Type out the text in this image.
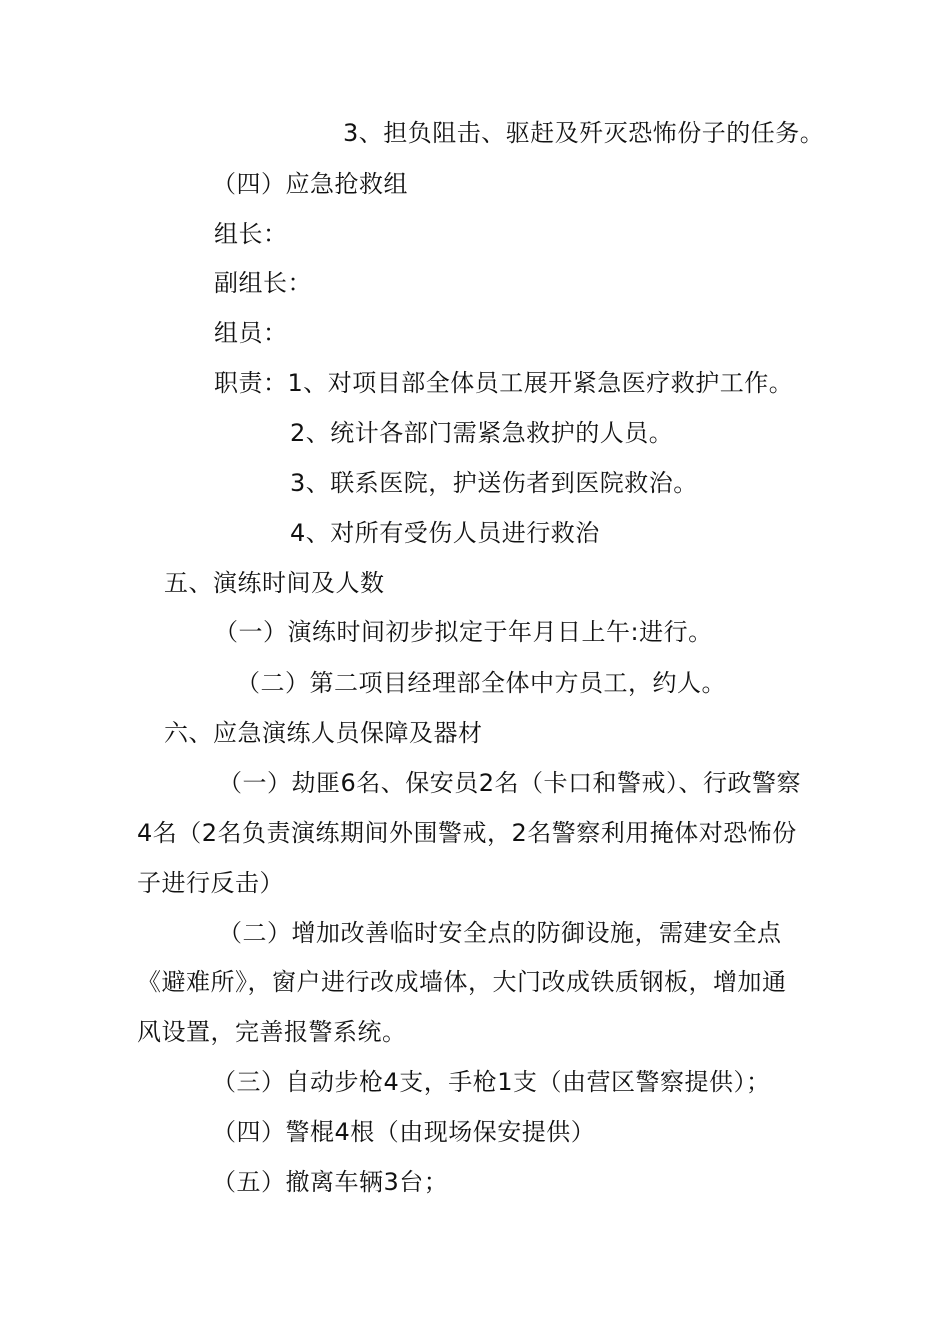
3、担负阻击、驱赶及歼灭恐怖份子的任务。
（四）应急抢救组
组长：
副组长：
组员：
职责：1、对项目部全体员工展开紧急医疗救护工作。
2、统计各部门需紧急救护的人员。
3、联系医院，护送伤者到医院救治。
4、对所有受伤人员进行救治
五、演练时间及人数
（一）演练时间初步拟定于年月日上午:进行。
（二）第二项目经理部全体中方员工，约人。
六、应急演练人员保障及器材
（一）劫匪6名、保安员2名（卡口和警戒）、行政警察
4名（2名负责演练期间外围警戒，2名警察利用掩体对恐怖份
子进行反击）
（二）增加改善临时安全点的防御设施，需建安全点
《避难所》，窗户进行改成墙体，大门改成铁质钢板，增加通
风设置，完善报警系统。
（三）自动步枪4支，手枪1支（由营区警察提供）；
（四）警棍4根（由现场保安提供）
（五）撤离车辆3台；
